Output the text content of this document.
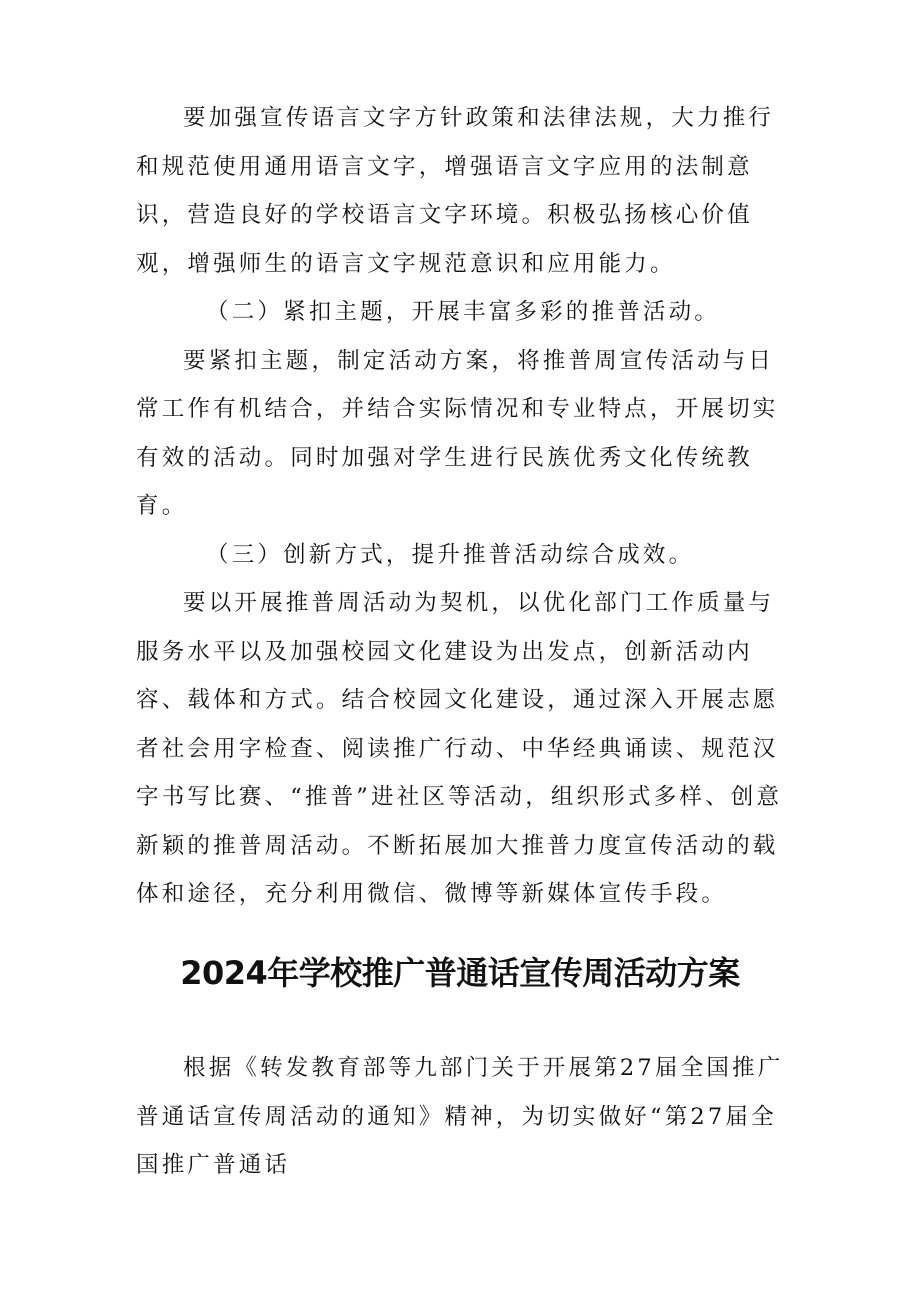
要加强宣传语言文字方针政策和法律法规，大力推行和规范使用通用语言文字，增强语言文字应用的法制意识，营造良好的学校语言文字环境。积极弘扬核心价值观，增强师生的语言文字规范意识和应用能力。

（二）紧扣主题，开展丰富多彩的推普活动。

要紧扣主题，制定活动方案，将推普周宣传活动与日常工作有机结合，并结合实际情况和专业特点，开展切实有效的活动。同时加强对学生进行民族优秀文化传统教育。

（三）创新方式，提升推普活动综合成效。

要以开展推普周活动为契机，以优化部门工作质量与服务水平以及加强校园文化建设为出发点，创新活动内容、载体和方式。结合校园文化建设，通过深入开展志愿者社会用字检查、阅读推广行动、中华经典诵读、规范汉字书写比赛、“推普”进社区等活动，组织形式多样、创意新颖的推普周活动。不断拓展加大推普力度宣传活动的载体和途径，充分利用微信、微博等新媒体宣传手段。

2024年学校推广普通话宣传周活动方案

根据《转发教育部等九部门关于开展第27届全国推广普通话宣传周活动的通知》精神，为切实做好“第27届全国推广普通话
